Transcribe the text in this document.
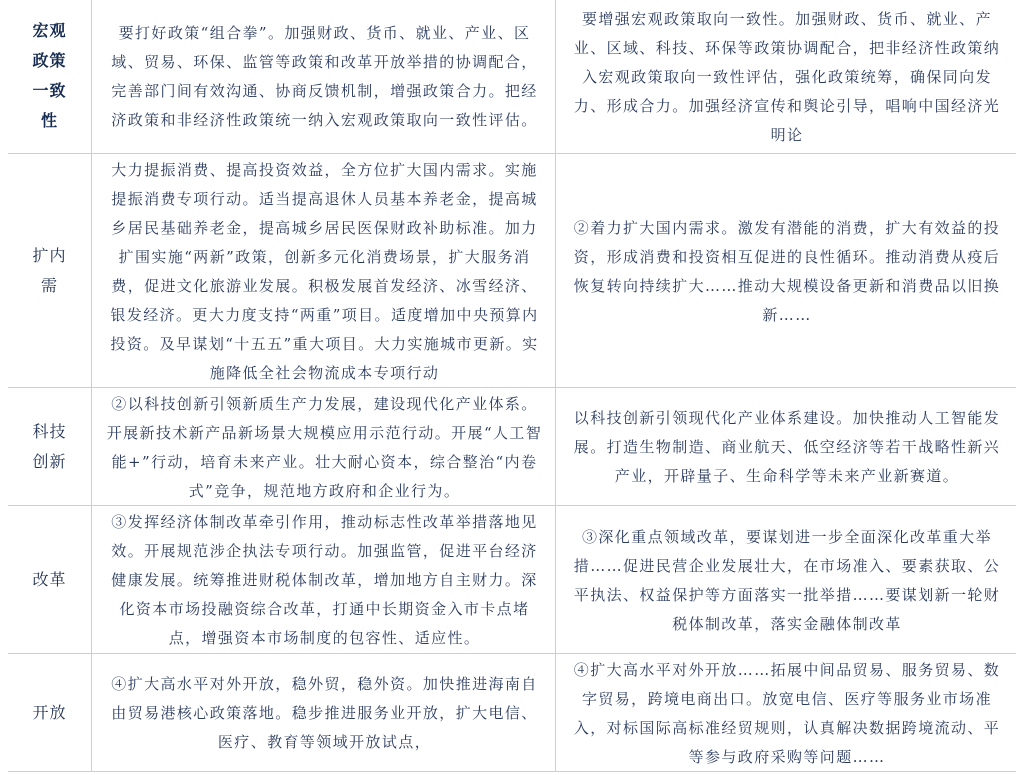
宏观政策一致性
要打好政策“组合拳”。加强财政、货币、就业、产业、区域、贸易、环保、监管等政策和改革开放举措的协调配合，完善部门间有效沟通、协商反馈机制，增强政策合力。把经济政策和非经济性政策统一纳入宏观政策取向一致性评估。
要增强宏观政策取向一致性。加强财政、货币、就业、产业、区域、科技、环保等政策协调配合，把非经济性政策纳入宏观政策取向一致性评估，强化政策统筹，确保同向发力、形成合力。加强经济宣传和舆论引导，唱响中国经济光明论
扩内需
大力提振消费、提高投资效益，全方位扩大国内需求。实施提振消费专项行动。适当提高退休人员基本养老金，提高城乡居民基础养老金，提高城乡居民医保财政补助标准。加力扩围实施“两新”政策，创新多元化消费场景，扩大服务消费，促进文化旅游业发展。积极发展首发经济、冰雪经济、银发经济。更大力度支持“两重”项目。适度增加中央预算内投资。及早谋划“十五五”重大项目。大力实施城市更新。实施降低全社会物流成本专项行动
②着力扩大国内需求。激发有潜能的消费，扩大有效益的投资，形成消费和投资相互促进的良性循环。推动消费从疫后恢复转向持续扩大……推动大规模设备更新和消费品以旧换新……
科技创新
②以科技创新引领新质生产力发展，建设现代化产业体系。开展新技术新产品新场景大规模应用示范行动。开展“人工智能+”行动，培育未来产业。壮大耐心资本，综合整治“内卷式”竞争，规范地方政府和企业行为。
以科技创新引领现代化产业体系建设。加快推动人工智能发展。打造生物制造、商业航天、低空经济等若干战略性新兴产业，开辟量子、生命科学等未来产业新赛道。
改革
③发挥经济体制改革牵引作用，推动标志性改革举措落地见效。开展规范涉企执法专项行动。加强监管，促进平台经济健康发展。统筹推进财税体制改革，增加地方自主财力。深化资本市场投融资综合改革，打通中长期资金入市卡点堵点，增强资本市场制度的包容性、适应性。
③深化重点领域改革，要谋划进一步全面深化改革重大举措……促进民营企业发展壮大，在市场准入、要素获取、公平执法、权益保护等方面落实一批举措……要谋划新一轮财税体制改革，落实金融体制改革
开放
④扩大高水平对外开放，稳外贸，稳外资。加快推进海南自由贸易港核心政策落地。稳步推进服务业开放，扩大电信、医疗、教育等领域开放试点，
④扩大高水平对外开放……拓展中间品贸易、服务贸易、数字贸易，跨境电商出口。放宽电信、医疗等服务业市场准入，对标国际高标准经贸规则，认真解决数据跨境流动、平等参与政府采购等问题……
